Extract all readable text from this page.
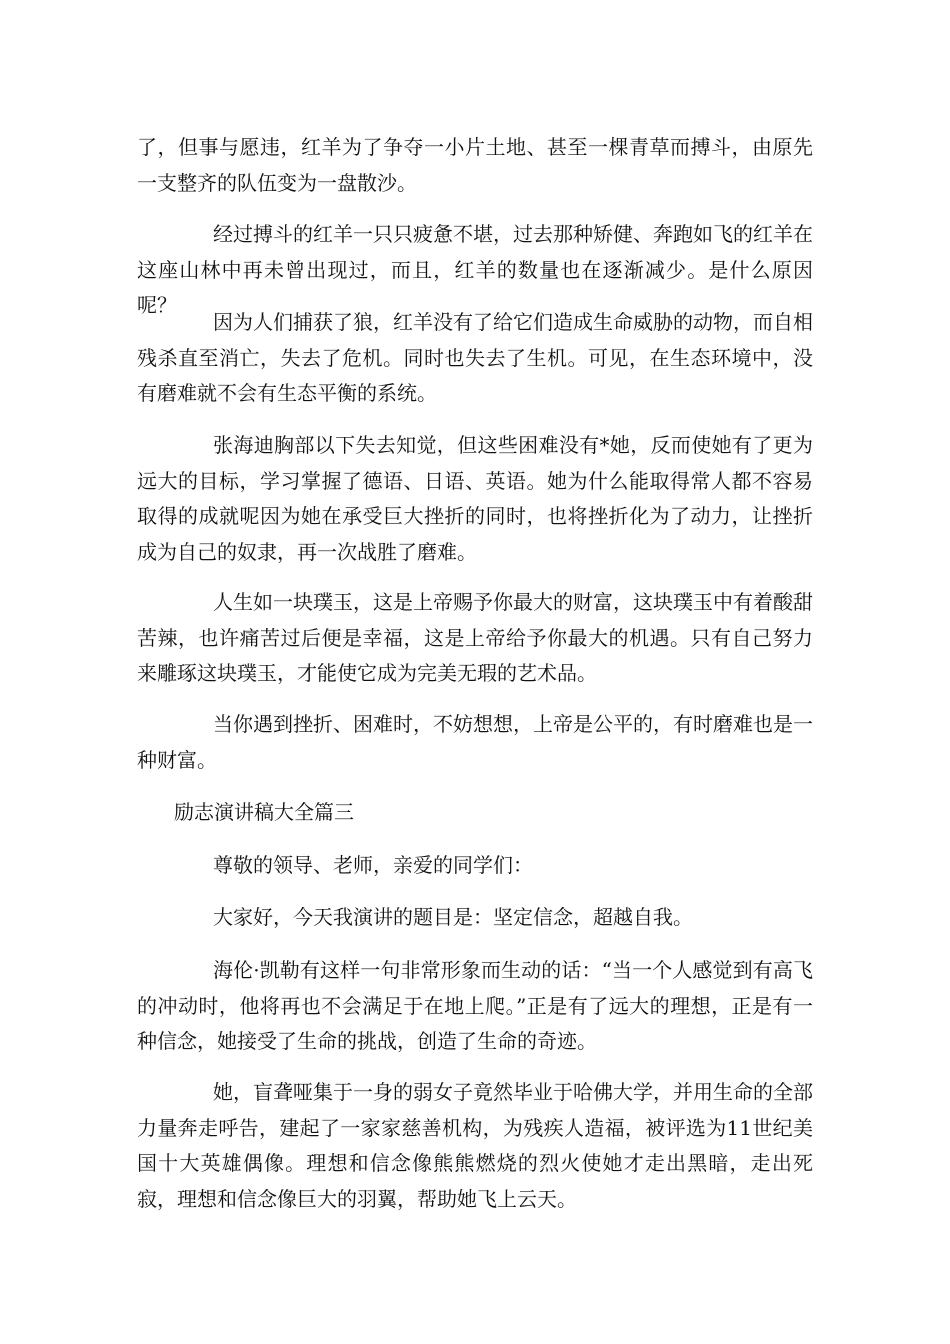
了，但事与愿违，红羊为了争夺一小片土地、甚至一棵青草而搏斗，由原先一支整齐的队伍变为一盘散沙。

经过搏斗的红羊一只只疲惫不堪，过去那种矫健、奔跑如飞的红羊在这座山林中再未曾出现过，而且，红羊的数量也在逐渐减少。是什么原因呢？

因为人们捕获了狼，红羊没有了给它们造成生命威胁的动物，而自相残杀直至消亡，失去了危机。同时也失去了生机。可见，在生态环境中，没有磨难就不会有生态平衡的系统。

张海迪胸部以下失去知觉，但这些困难没有*她，反而使她有了更为远大的目标，学习掌握了德语、日语、英语。她为什么能取得常人都不容易取得的成就呢因为她在承受巨大挫折的同时，也将挫折化为了动力，让挫折成为自己的奴隶，再一次战胜了磨难。

人生如一块璞玉，这是上帝赐予你最大的财富，这块璞玉中有着酸甜苦辣，也许痛苦过后便是幸福，这是上帝给予你最大的机遇。只有自己努力来雕琢这块璞玉，才能使它成为完美无瑕的艺术品。

当你遇到挫折、困难时，不妨想想，上帝是公平的，有时磨难也是一种财富。

励志演讲稿大全篇三

尊敬的领导、老师，亲爱的同学们：

大家好，今天我演讲的题目是：坚定信念，超越自我。

海伦·凯勒有这样一句非常形象而生动的话：“当一个人感觉到有高飞的冲动时，他将再也不会满足于在地上爬。”正是有了远大的理想，正是有一种信念，她接受了生命的挑战，创造了生命的奇迹。

她，盲聋哑集于一身的弱女子竟然毕业于哈佛大学，并用生命的全部力量奔走呼告，建起了一家家慈善机构，为残疾人造福，被评选为11世纪美国十大英雄偶像。理想和信念像熊熊燃烧的烈火使她才走出黑暗，走出死寂，理想和信念像巨大的羽翼，帮助她飞上云天。
